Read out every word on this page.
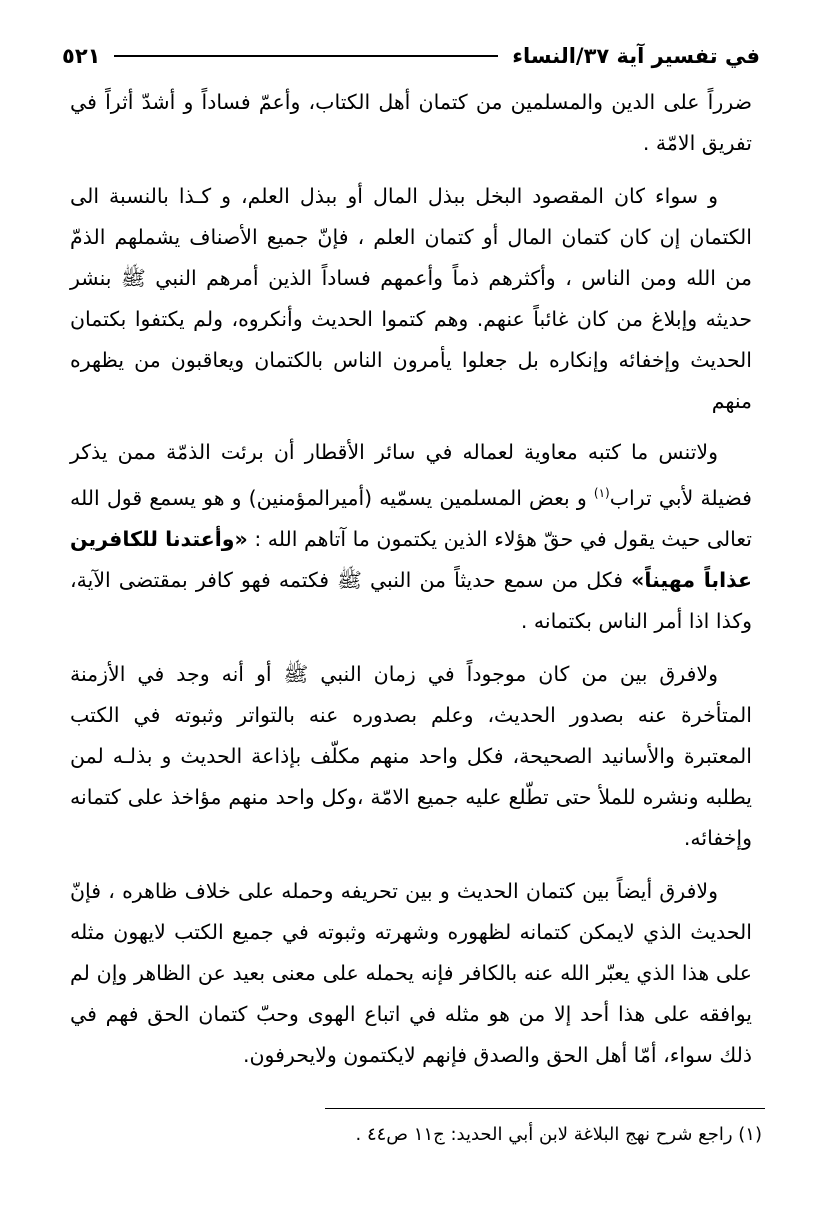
في تفسير آية ٣٧/النساء
٥٢١

ضرراً على الدين والمسلمين من كتمان أهل الكتاب، وأعمّ فساداً و أشدّ أثراً في تفريق الامّة .

و سواء كان المقصود البخل ببذل المال أو ببذل العلم، و كـذا بالنسبة الى الكتمان إن كان كتمان المال أو كتمان العلم ، فإنّ جميع الأصناف يشملهم الذمّ من الله ومن الناس ، وأكثرهم ذماً وأعمهم فساداً الذين أمرهم النبي ﷺ بنشر حديثه وإبلاغ من كان غائباً عنهم. وهم كتموا الحديث وأنكروه، ولم يكتفوا بكتمان الحديث وإخفائه وإنكاره بل جعلوا يأمرون الناس بالكتمان ويعاقبون من يظهره منهم

ولاتنس ما كتبه معاوية لعماله في سائر الأقطار أن برئت الذمّة ممن يذكر فضيلة لأبي تراب$^{(١)}$ و بعض المسلمين يسمّيه (أميرالمؤمنين) و هو يسمع قول الله تعالى حيث يقول في حقّ هؤلاء الذين يكتمون ما آتاهم الله : «وأعتدنا للكافرين عذاباً مهيناً» فكل من سمع حديثاً من النبي ﷺ فكتمه فهو كافر بمقتضى الآية، وكذا اذا أمر الناس بكتمانه .

ولافرق بين من كان موجوداً في زمان النبي ﷺ أو أنه وجد في الأزمنة المتأخرة عنه بصدور الحديث، وعلم بصدوره عنه بالتواتر وثبوته في الكتب المعتبرة والأسانيد الصحيحة، فكل واحد منهم مكلّف بإذاعة الحديث و بذلـه لمن يطلبه ونشره للملأ حتى تطّلع عليه جميع الامّة ،وكل واحد منهم مؤاخذ على كتمانه وإخفائه.

ولافرق أيضاً بين كتمان الحديث و بين تحريفه وحمله على خلاف ظاهره ، فإنّ الحديث الذي لايمكن كتمانه لظهوره وشهرته وثبوته في جميع الكتب لايهون مثله على هذا الذي يعبّر الله عنه بالكافر فإنه يحمله على معنى بعيد عن الظاهر وإن لم يوافقه على هذا أحد إلا من هو مثله في اتباع الهوى وحبّ كتمان الحق فهم في ذلك سواء، أمّا أهل الحق والصدق فإنهم لايكتمون ولايحرفون.

(١) راجع شرح نهج البلاغة لابن أبي الحديد: ج١١ ص٤٤ .
